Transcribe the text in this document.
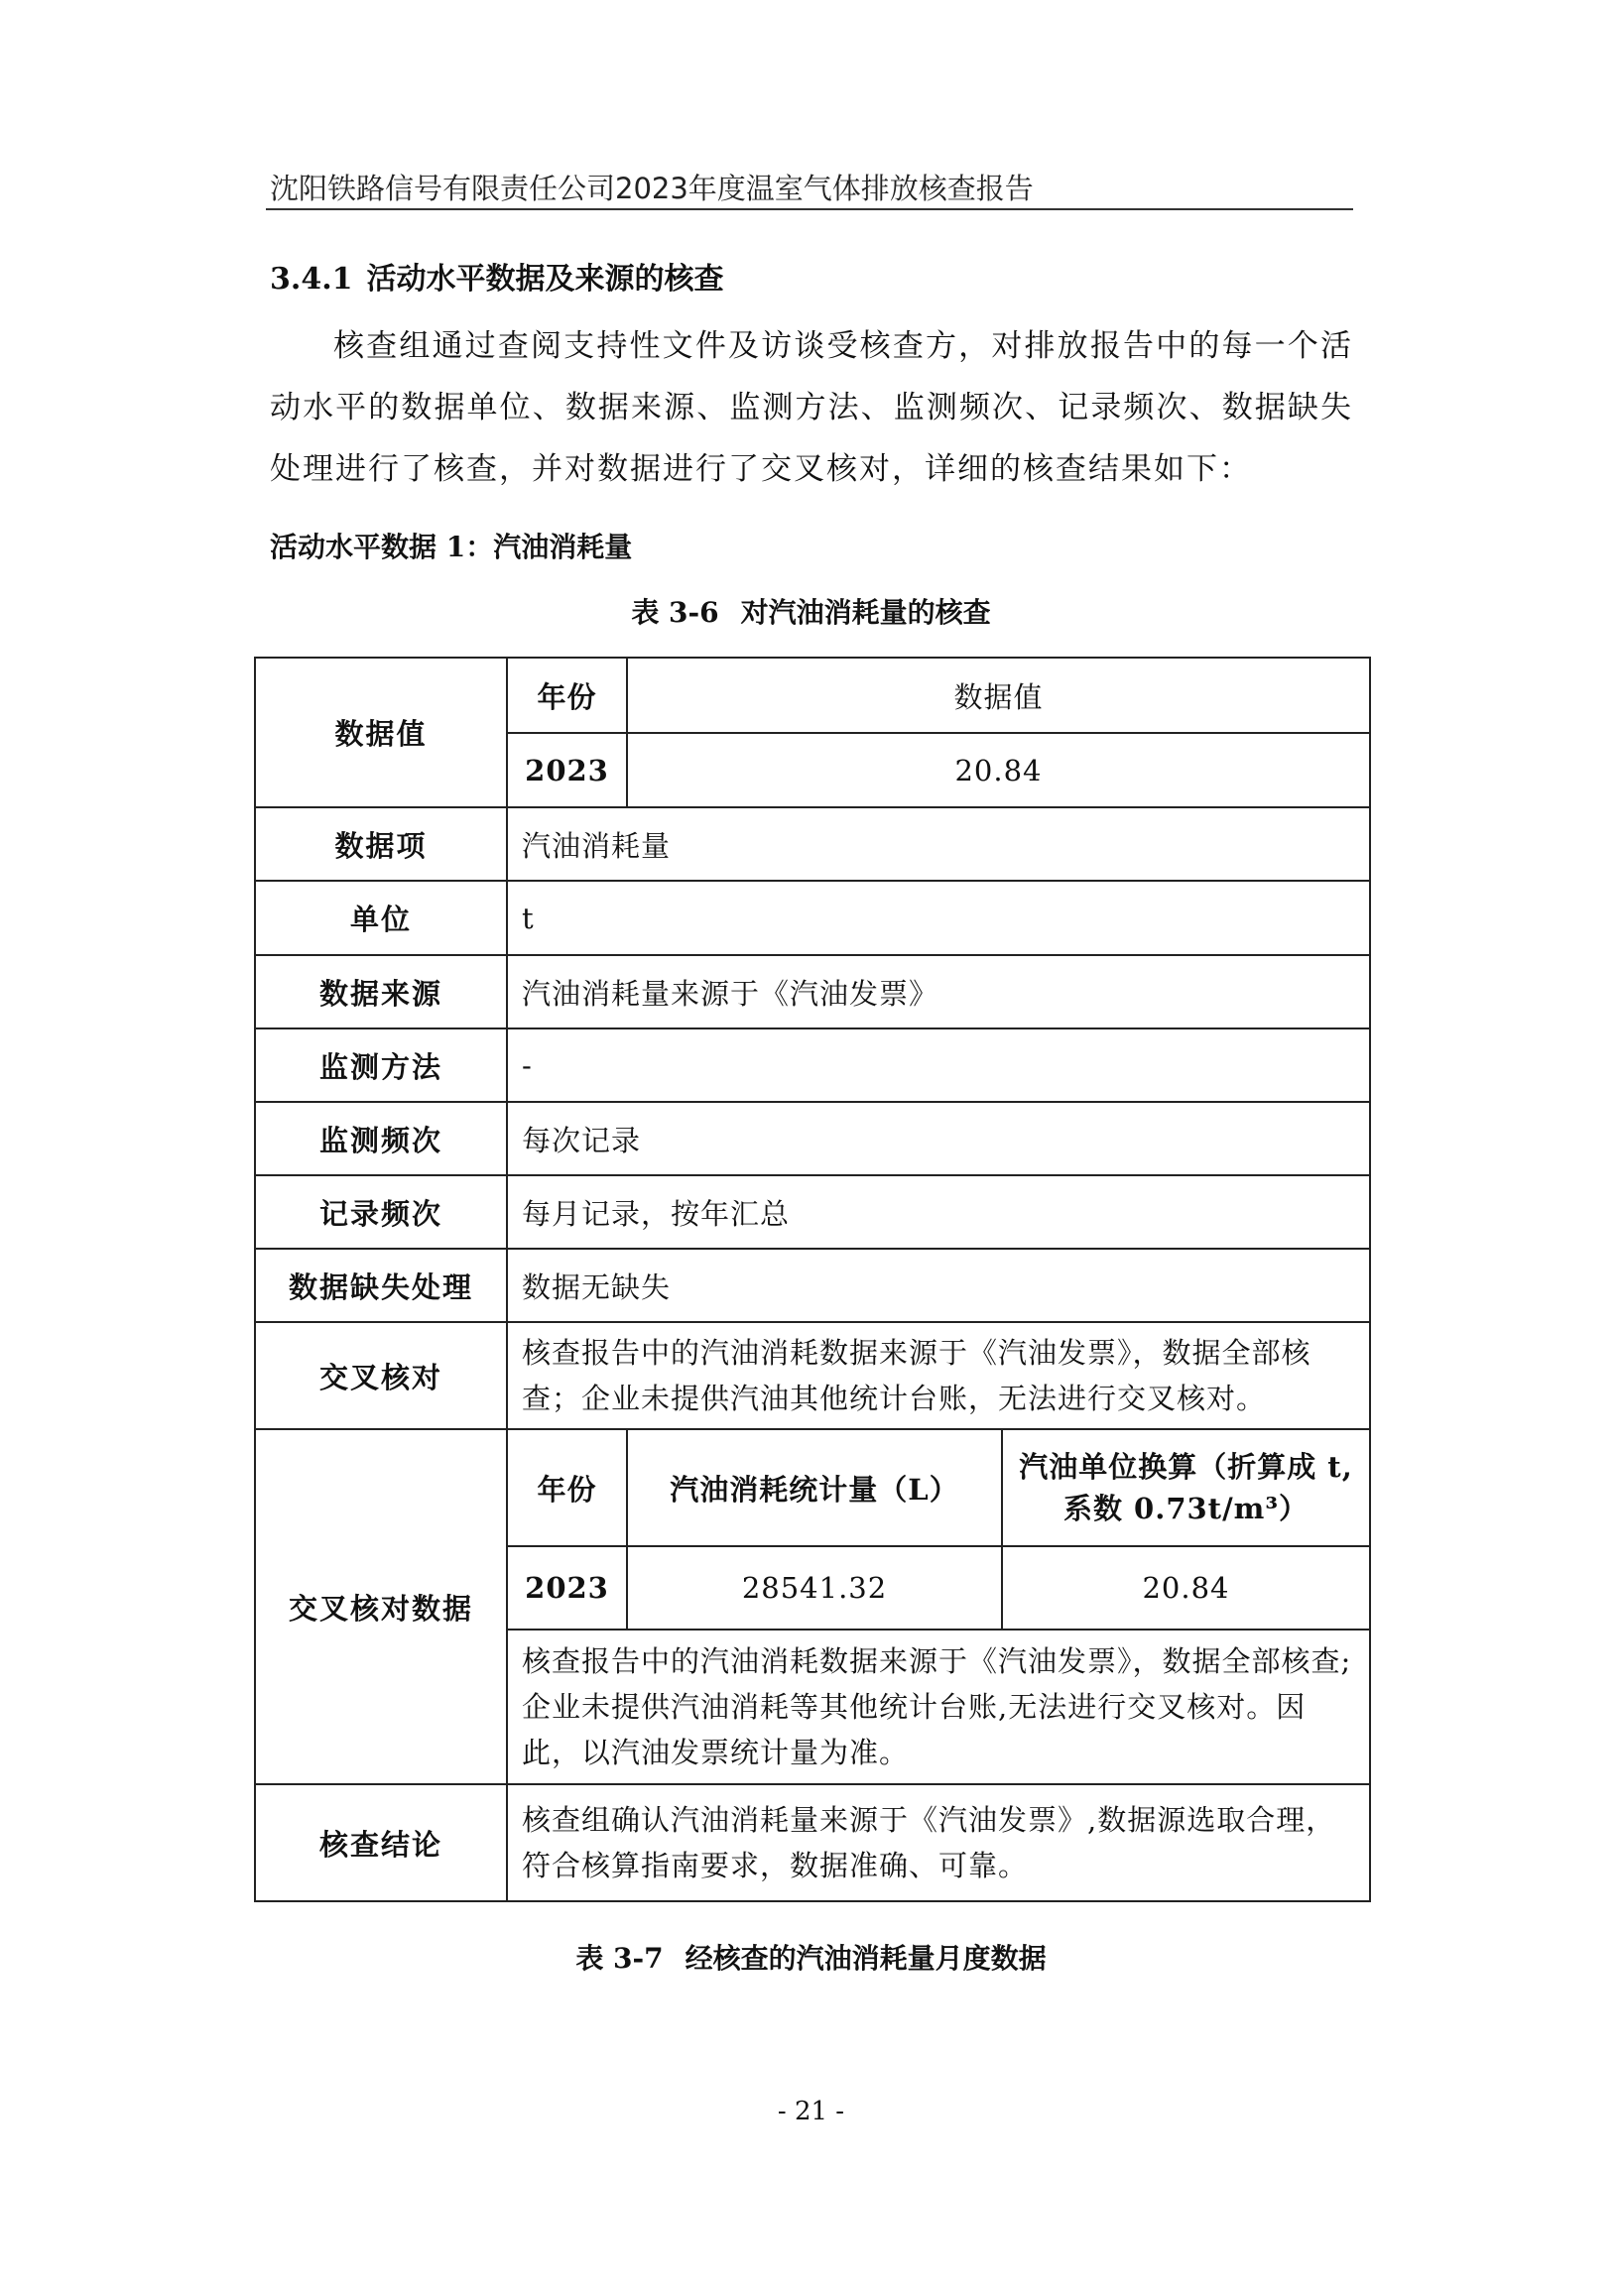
沈阳铁路信号有限责任公司2023年度温室气体排放核查报告
3.4.1 活动水平数据及来源的核查
核查组通过查阅支持性文件及访谈受核查方，对排放报告中的每一个活动水平的数据单位、数据来源、监测方法、监测频次、记录频次、数据缺失处理进行了核查，并对数据进行了交叉核对，详细的核查结果如下：
活动水平数据 1：汽油消耗量
表 3-6 对汽油消耗量的核查
数据值	年份	数据值	
	2023	20.84	
数据项	汽油消耗量		
单位	t		
数据来源	汽油消耗量来源于《汽油发票》		
监测方法	-		
监测频次	每次记录		
记录频次	每月记录，按年汇总		
数据缺失处理	数据无缺失		
交叉核对	核查报告中的汽油消耗数据来源于《汽油发票》，数据全部核查；企业未提供汽油其他统计台账，无法进行交叉核对。		
交叉核对数据	年份	汽油消耗统计量（L）	汽油单位换算（折算成 t,
系数 0.73t/m³）
	2023	28541.32	20.84
	核查报告中的汽油消耗数据来源于《汽油发票》，数据全部核查;企业未提供汽油消耗等其他统计台账,无法进行交叉核对。因此，以汽油发票统计量为准。		
核查结论	核查组确认汽油消耗量来源于《汽油发票》,数据源选取合理，符合核算指南要求，数据准确、可靠。		
表 3-7 经核查的汽油消耗量月度数据
- 21 -
